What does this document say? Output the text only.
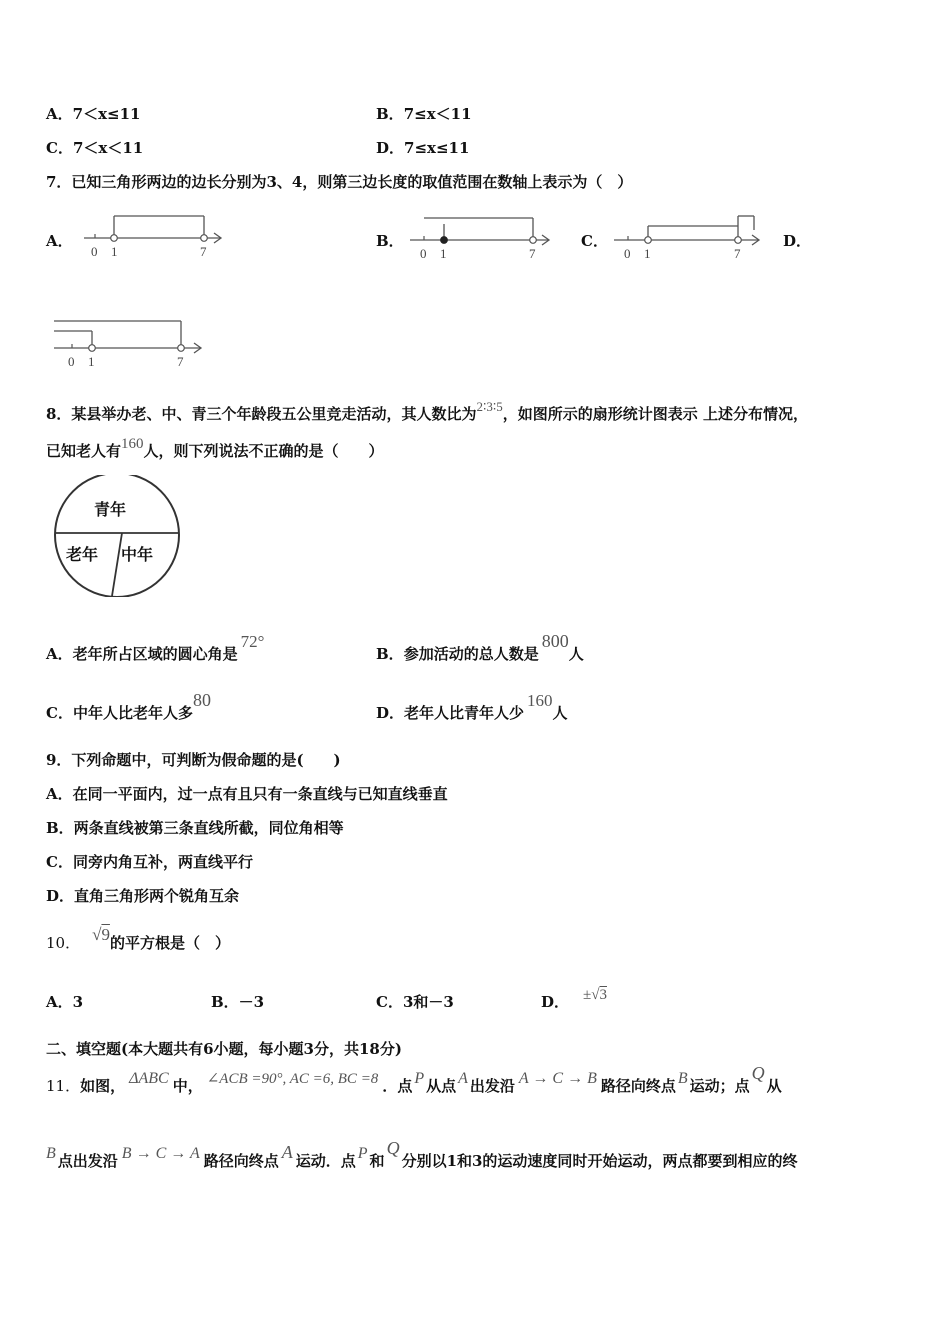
A．7＜x≤11	B．7≤x＜11
C．7＜x＜11	D．7≤x≤11
7．已知三角形两边的边长分别为3、4，则第三边长度的取值范围在数轴上表示为（　）
A．
0 1	7
B．
0 1	7
C．
0 1	7
D．
0 1	7
8．某县举办老、中、青三个年龄段五公里竞走活动，其人数比为2∶3∶5，如图所示的扇形统计图表示 上述分布情况，
已知老人有160人，则下列说法不正确的是（　　）
青年
老年 中年
A．老年所占区域的圆心角是72°
B．参加活动的总人数是800人
C．中年人比老年人多80
D．老年人比青年人少160人
9．下列命题中，可判断为假命题的是(　　)
A．在同一平面内，过一点有且只有一条直线与已知直线垂直
B．两条直线被第三条直线所截，同位角相等
C．同旁内角互补，两直线平行
D．直角三角形两个锐角互余
10． √9的平方根是（　）
A．3	B．－3	C．3和－3	D． ±√3
二、填空题(本大题共有6小题，每小题3分，共18分)
11．如图， ΔABC 中， ∠ACB =90°, AC =6, BC =8 ．点 P 从点 A 出发沿 A → C → B 路径向终点 B 运动；点Q从
B 点出发沿 B → C → A 路径向终点 A 运动．点 P 和Q分别以1和3的运动速度同时开始运动，两点都要到相应的终
